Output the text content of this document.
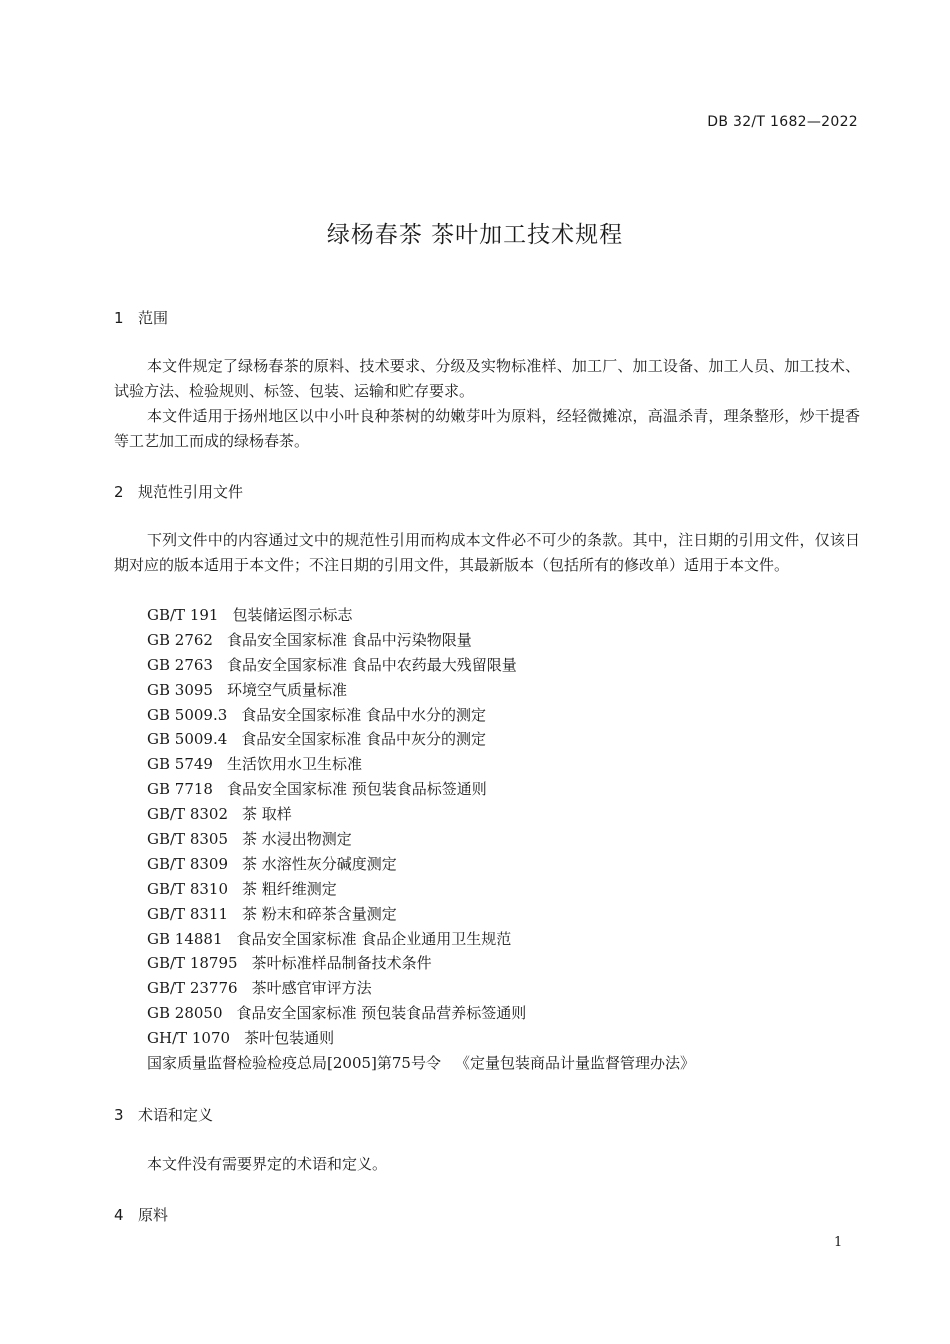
DB 32/T 1682—2022
绿杨春茶 茶叶加工技术规程
1 范围
本文件规定了绿杨春茶的原料、技术要求、分级及实物标准样、加工厂、加工设备、加工人员、加工技术、试验方法、检验规则、标签、包装、运输和贮存要求。
本文件适用于扬州地区以中小叶良种茶树的幼嫩芽叶为原料，经轻微摊凉，高温杀青，理条整形，炒干提香等工艺加工而成的绿杨春茶。
2 规范性引用文件
下列文件中的内容通过文中的规范性引用而构成本文件必不可少的条款。其中，注日期的引用文件，仅该日期对应的版本适用于本文件；不注日期的引用文件，其最新版本（包括所有的修改单）适用于本文件。
GB/T 191 包装储运图示标志
GB 2762 食品安全国家标准 食品中污染物限量
GB 2763 食品安全国家标准 食品中农药最大残留限量
GB 3095 环境空气质量标准
GB 5009.3 食品安全国家标准 食品中水分的测定
GB 5009.4 食品安全国家标准 食品中灰分的测定
GB 5749 生活饮用水卫生标准
GB 7718 食品安全国家标准 预包装食品标签通则
GB/T 8302 茶 取样
GB/T 8305 茶 水浸出物测定
GB/T 8309 茶 水溶性灰分碱度测定
GB/T 8310 茶 粗纤维测定
GB/T 8311 茶 粉末和碎茶含量测定
GB 14881 食品安全国家标准 食品企业通用卫生规范
GB/T 18795 茶叶标准样品制备技术条件
GB/T 23776 茶叶感官审评方法
GB 28050 食品安全国家标准 预包装食品营养标签通则
GH/T 1070 茶叶包装通则
国家质量监督检验检疫总局[2005]第75号令 《定量包装商品计量监督管理办法》
3 术语和定义
本文件没有需要界定的术语和定义。
4 原料
1
